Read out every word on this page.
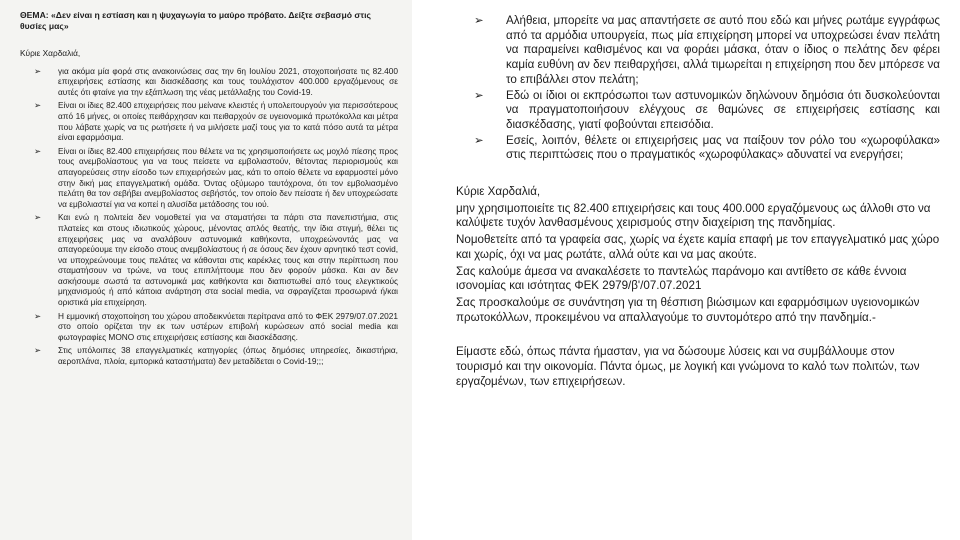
ΘΕΜΑ: «Δεν είναι η εστίαση και η ψυχαγωγία το μαύρο πρόβατο. Δείξτε σεβασμό στις θυσίες μας»

Κύριε Χαρδαλιά,

➢ για ακόμα μία φορά στις ανακοινώσεις σας την 6η Ιουλίου 2021, στοχοποιήσατε τις 82.400 επιχειρήσεις εστίασης και διασκέδασης και τους τουλάχιστον 400.000 εργαζόμενους σε αυτές ότι φταίνε για την εξάπλωση της νέας μετάλλαξης του Covid-19.
➢ Είναι οι ίδιες 82.400 επιχειρήσεις που μείνανε κλειστές ή υπολειτουργούν για περισσότερους από 16 μήνες, οι οποίες πειθάρχησαν και πειθαρχούν σε υγειονομικά πρωτόκολλα και μέτρα που λάβατε χωρίς να τις ρωτήσετε ή να μιλήσετε μαζί τους για το κατά πόσο αυτά τα μέτρα είναι εφαρμόσιμα.
➢ Είναι οι ίδιες 82.400 επιχειρήσεις που θέλετε να τις χρησιμοποιήσετε ως μοχλό πίεσης προς τους ανεμβολίαστους για να τους πείσετε να εμβολιαστούν, θέτοντας περιορισμούς και απαγορεύσεις στην είσοδο των επιχειρήσεών μας, κάτι το οποίο θέλετε να εφαρμοστεί μόνο στην δική μας επαγγελματική ομάδα. Όντας οξύμωρο ταυτόχρονα, ότι τον εμβολιασμένο πελάτη θα τον σεβήβει ανεμβολίαστος σεβήστός, τον οποίο δεν πείσατε ή δεν υποχρεώσατε να εμβολιαστεί για να κοπεί η αλυσίδα μετάδοσης του ιού.
➢ Και ενώ η πολιτεία δεν νομοθετεί για να σταματήσει τα πάρτι στα πανεπιστήμια, στις πλατείες και στους ιδιωτικούς χώρους, μένοντας απλός θεατής, την ίδια στιγμή, θέλει τις επιχειρήσεις μας να αναλάβουν αστυνομικά καθήκοντα, υποχρεώνοντάς μας να απαγορεύουμε την είσοδο στους ανεμβολίαστους ή σε όσους δεν έχουν αρνητικό τεστ covid, να υποχρεώνουμε τους πελάτες να κάθονται στις καρέκλες τους και στην περίπτωση που σταματήσουν να τρώνε, να τους επιπλήττουμε που δεν φορούν μάσκα. Και αν δεν ασκήσουμε σωστά τα αστυνομικά μας καθήκοντα και διαπιστωθεί από τους ελεγκτικούς μηχανισμούς ή από κάποια ανάρτηση στα social media, να σφραγίζεται προσωρινά ή/και οριστικά μία επιχείρηση.
➢ Η εμμονική στοχοποίηση του χώρου αποδεικνύεται περίτρανα από το ΦΕΚ 2979/07.07.2021 στο οποίο ορίζεται την εκ των υστέρων επιβολή κυρώσεων από social media και φωτογραφίες ΜΟΝΟ στις επιχειρήσεις εστίασης και διασκέδασης.
➢ Στις υπόλοιπες 38 επαγγελματικές κατηγορίες (όπως δημόσιες υπηρεσίες, δικαστήρια, αεροπλάνα, πλοία, εμπορικά καταστήματα) δεν μεταδίδεται ο Covid-19;;;
➢ Αλήθεια, μπορείτε να μας απαντήσετε σε αυτό που εδώ και μήνες ρωτάμε εγγράφως από τα αρμόδια υπουργεία, πως μία επιχείρηση μπορεί να υποχρεώσει έναν πελάτη να παραμείνει καθισμένος και να φοράει μάσκα, όταν ο ίδιος ο πελάτης δεν φέρει καμία ευθύνη αν δεν πειθαρχήσει, αλλά τιμωρείται η επιχείρηση που δεν μπόρεσε να το επιβάλλει στον πελάτη;
➢ Εδώ οι ίδιοι οι εκπρόσωποι των αστυνομικών δηλώνουν δημόσια ότι δυσκολεύονται να πραγματοποιήσουν ελέγχους σε θαμώνες σε επιχειρήσεις εστίασης και διασκέδασης, γιατί φοβούνται επεισόδια.
➢ Εσείς, λοιπόν, θέλετε οι επιχειρήσεις μας να παίξουν τον ρόλο του «χωροφύλακα» στις περιπτώσεις που ο πραγματικός «χωροφύλακας» αδυνατεί να ενεργήσει;

Κύριε Χαρδαλιά,

μην χρησιμοποιείτε τις 82.400 επιχειρήσεις και τους 400.000 εργαζόμενους ως άλλοθι στο να καλύψετε τυχόν λανθασμένους χειρισμούς στην διαχείριση της πανδημίας.

Νομοθετείτε από τα γραφεία σας, χωρίς να έχετε καμία επαφή με τον επαγγελματικό μας χώρο και χωρίς, όχι να μας ρωτάτε, αλλά ούτε και να μας ακούτε.

Σας καλούμε άμεσα να ανακαλέσετε το παντελώς παράνομο και αντίθετο σε κάθε έννοια ισονομίας και ισότητας ΦΕΚ 2979/β'/07.07.2021

Σας προσκαλούμε σε συνάντηση για τη θέσπιση βιώσιμων και εφαρμόσιμων υγειονομικών πρωτοκόλλων, προκειμένου να απαλλαγούμε το συντομότερο από την πανδημία.-

Είμαστε εδώ, όπως πάντα ήμασταν, για να δώσουμε λύσεις και να συμβάλλουμε στον τουρισμό και την οικονομία. Πάντα όμως, με λογική και γνώμονα το καλό των πολιτών, των εργαζομένων, των επιχειρήσεων.
